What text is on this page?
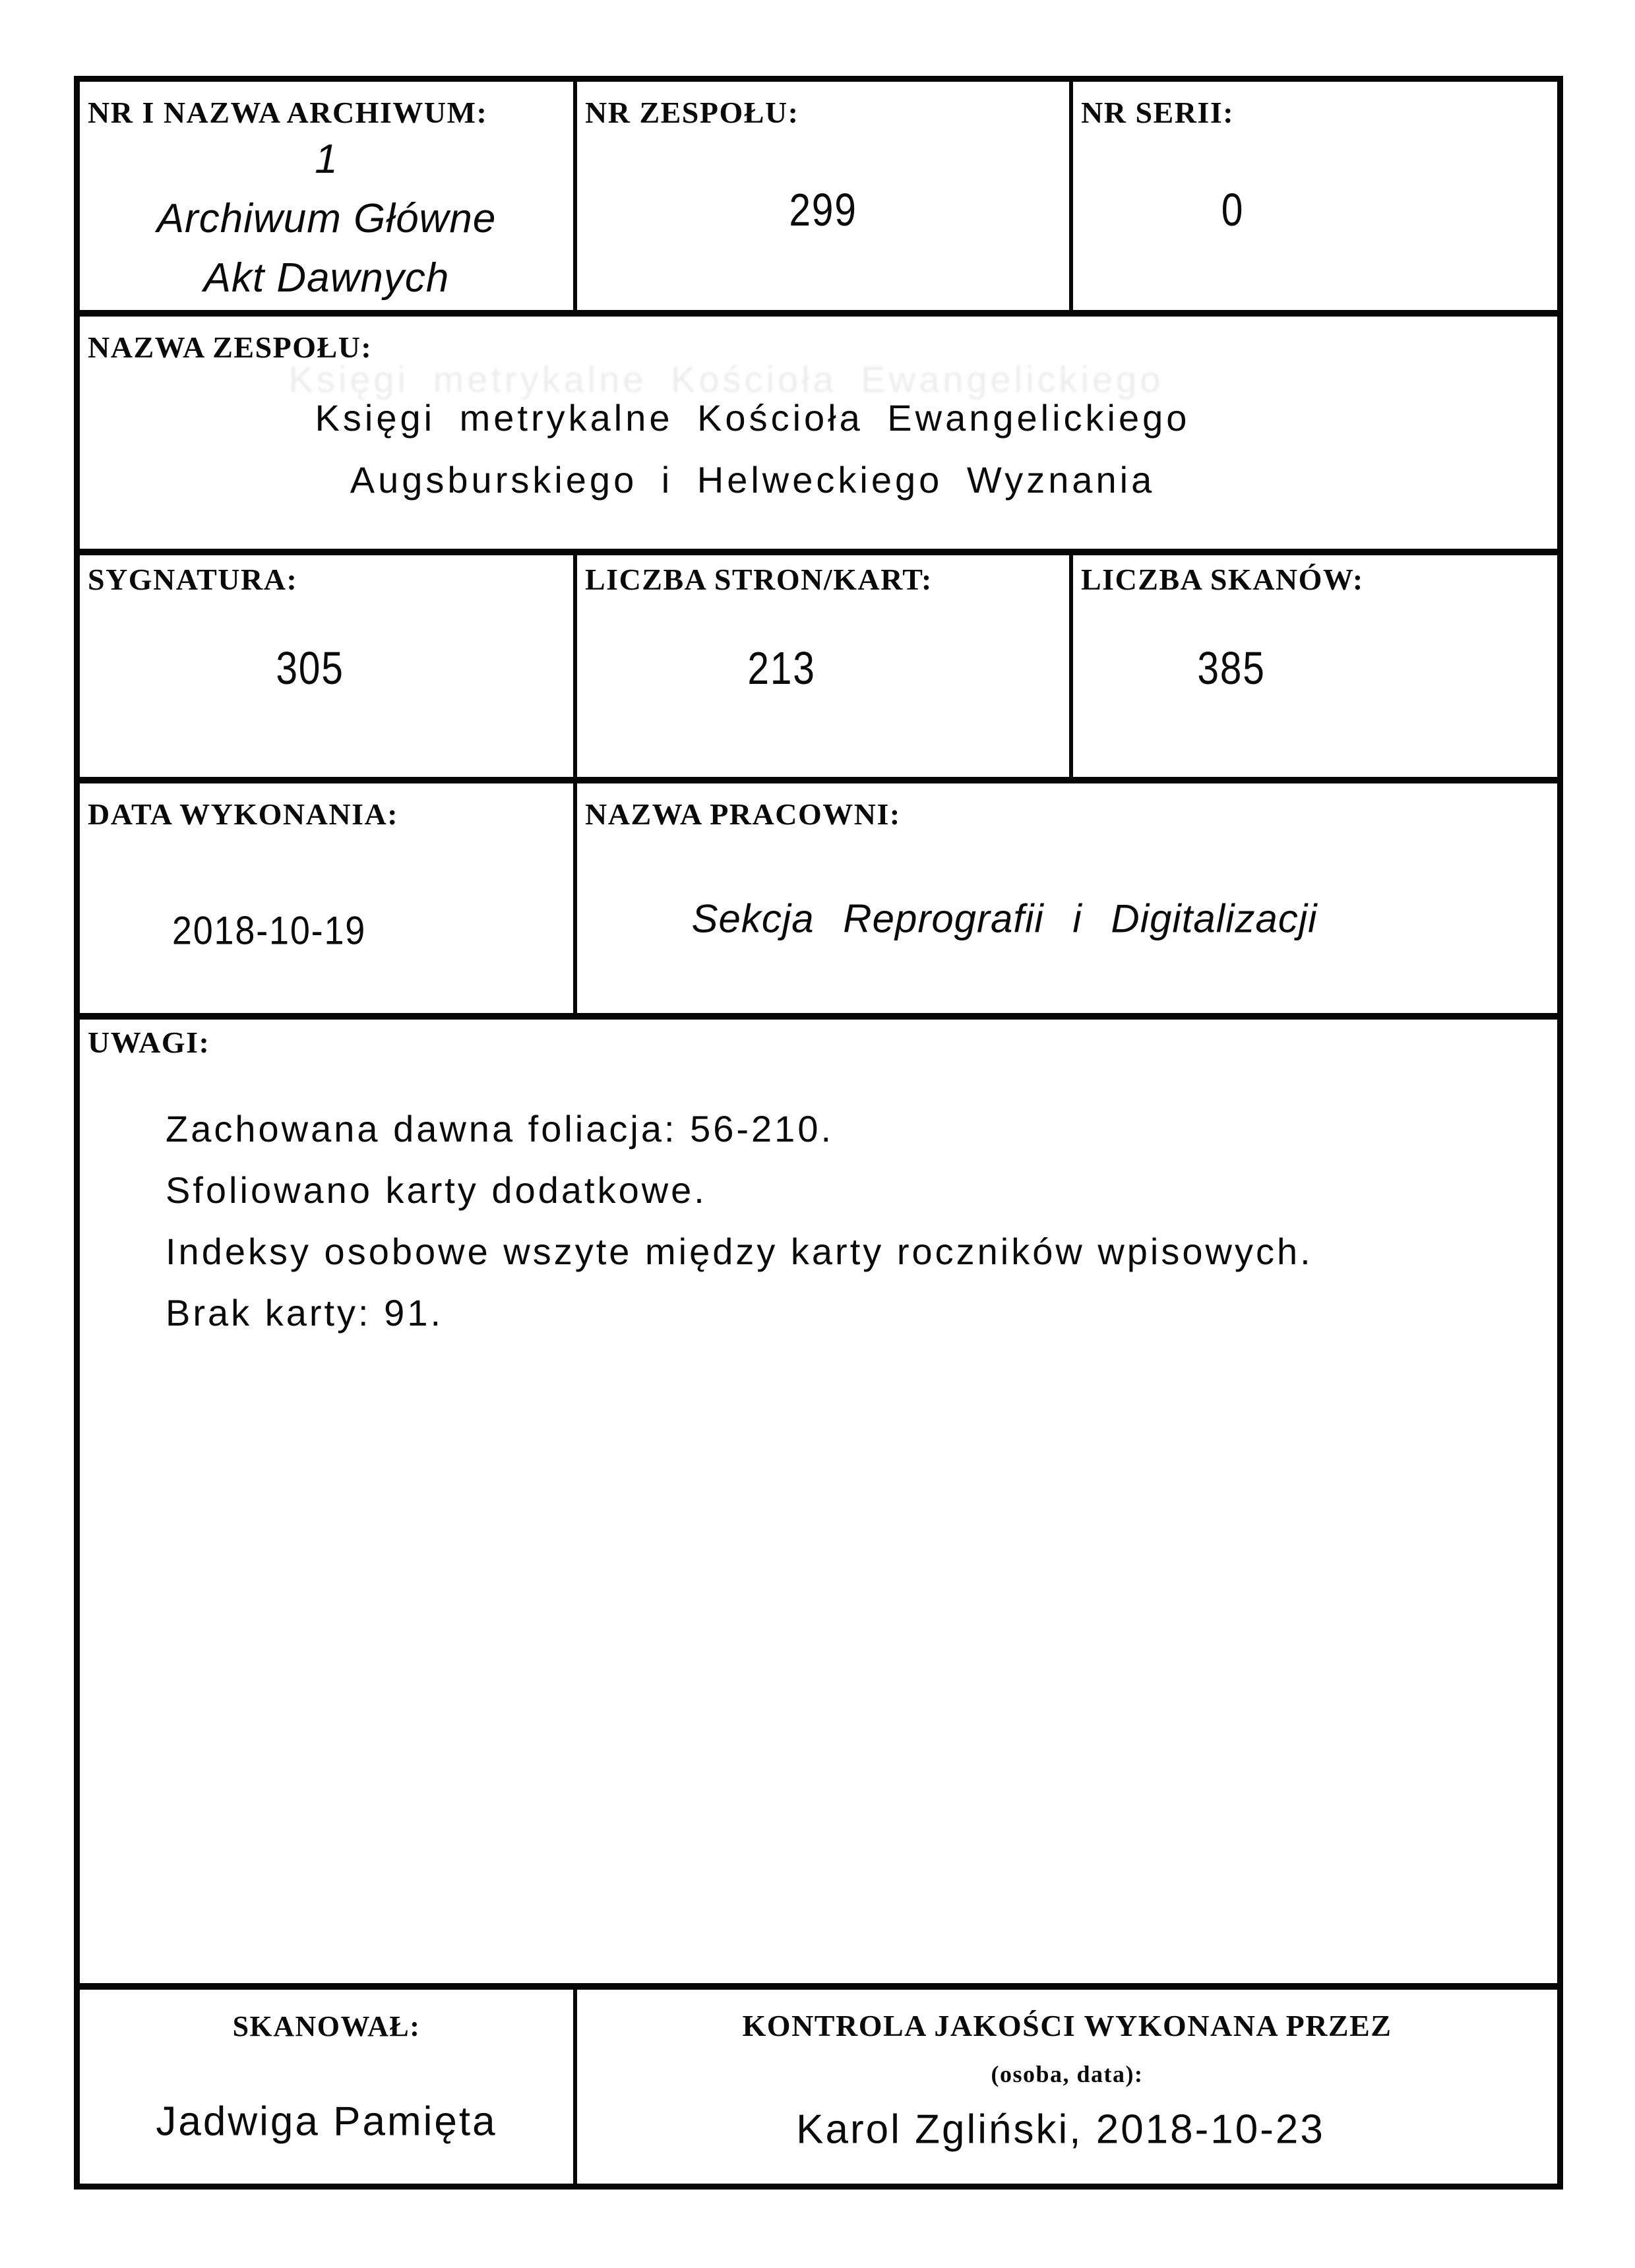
NR I NAZWA ARCHIWUM:
1
Archiwum Główne
Akt Dawnych
NR ZESPOŁU:
299
NR SERII:
0
NAZWA ZESPOŁU:
Księgi metrykalne Kościoła Ewangelickiego
Księgi metrykalne Kościoła Ewangelickiego
Augsburskiego i Helweckiego Wyznania
SYGNATURA:
305
LICZBA STRON/KART:
213
LICZBA SKANÓW:
385
DATA WYKONANIA:
2018-10-19
NAZWA PRACOWNI:
Sekcja Reprografii i Digitalizacji
UWAGI:
Zachowana dawna foliacja: 56-210.
Sfoliowano karty dodatkowe.
Indeksy osobowe wszyte między karty roczników wpisowych.
Brak karty: 91.
SKANOWAŁ:
Jadwiga Pamięta
KONTROLA JAKOŚCI WYKONANA PRZEZ
(osoba, data):
Karol Zgliński, 2018-10-23
